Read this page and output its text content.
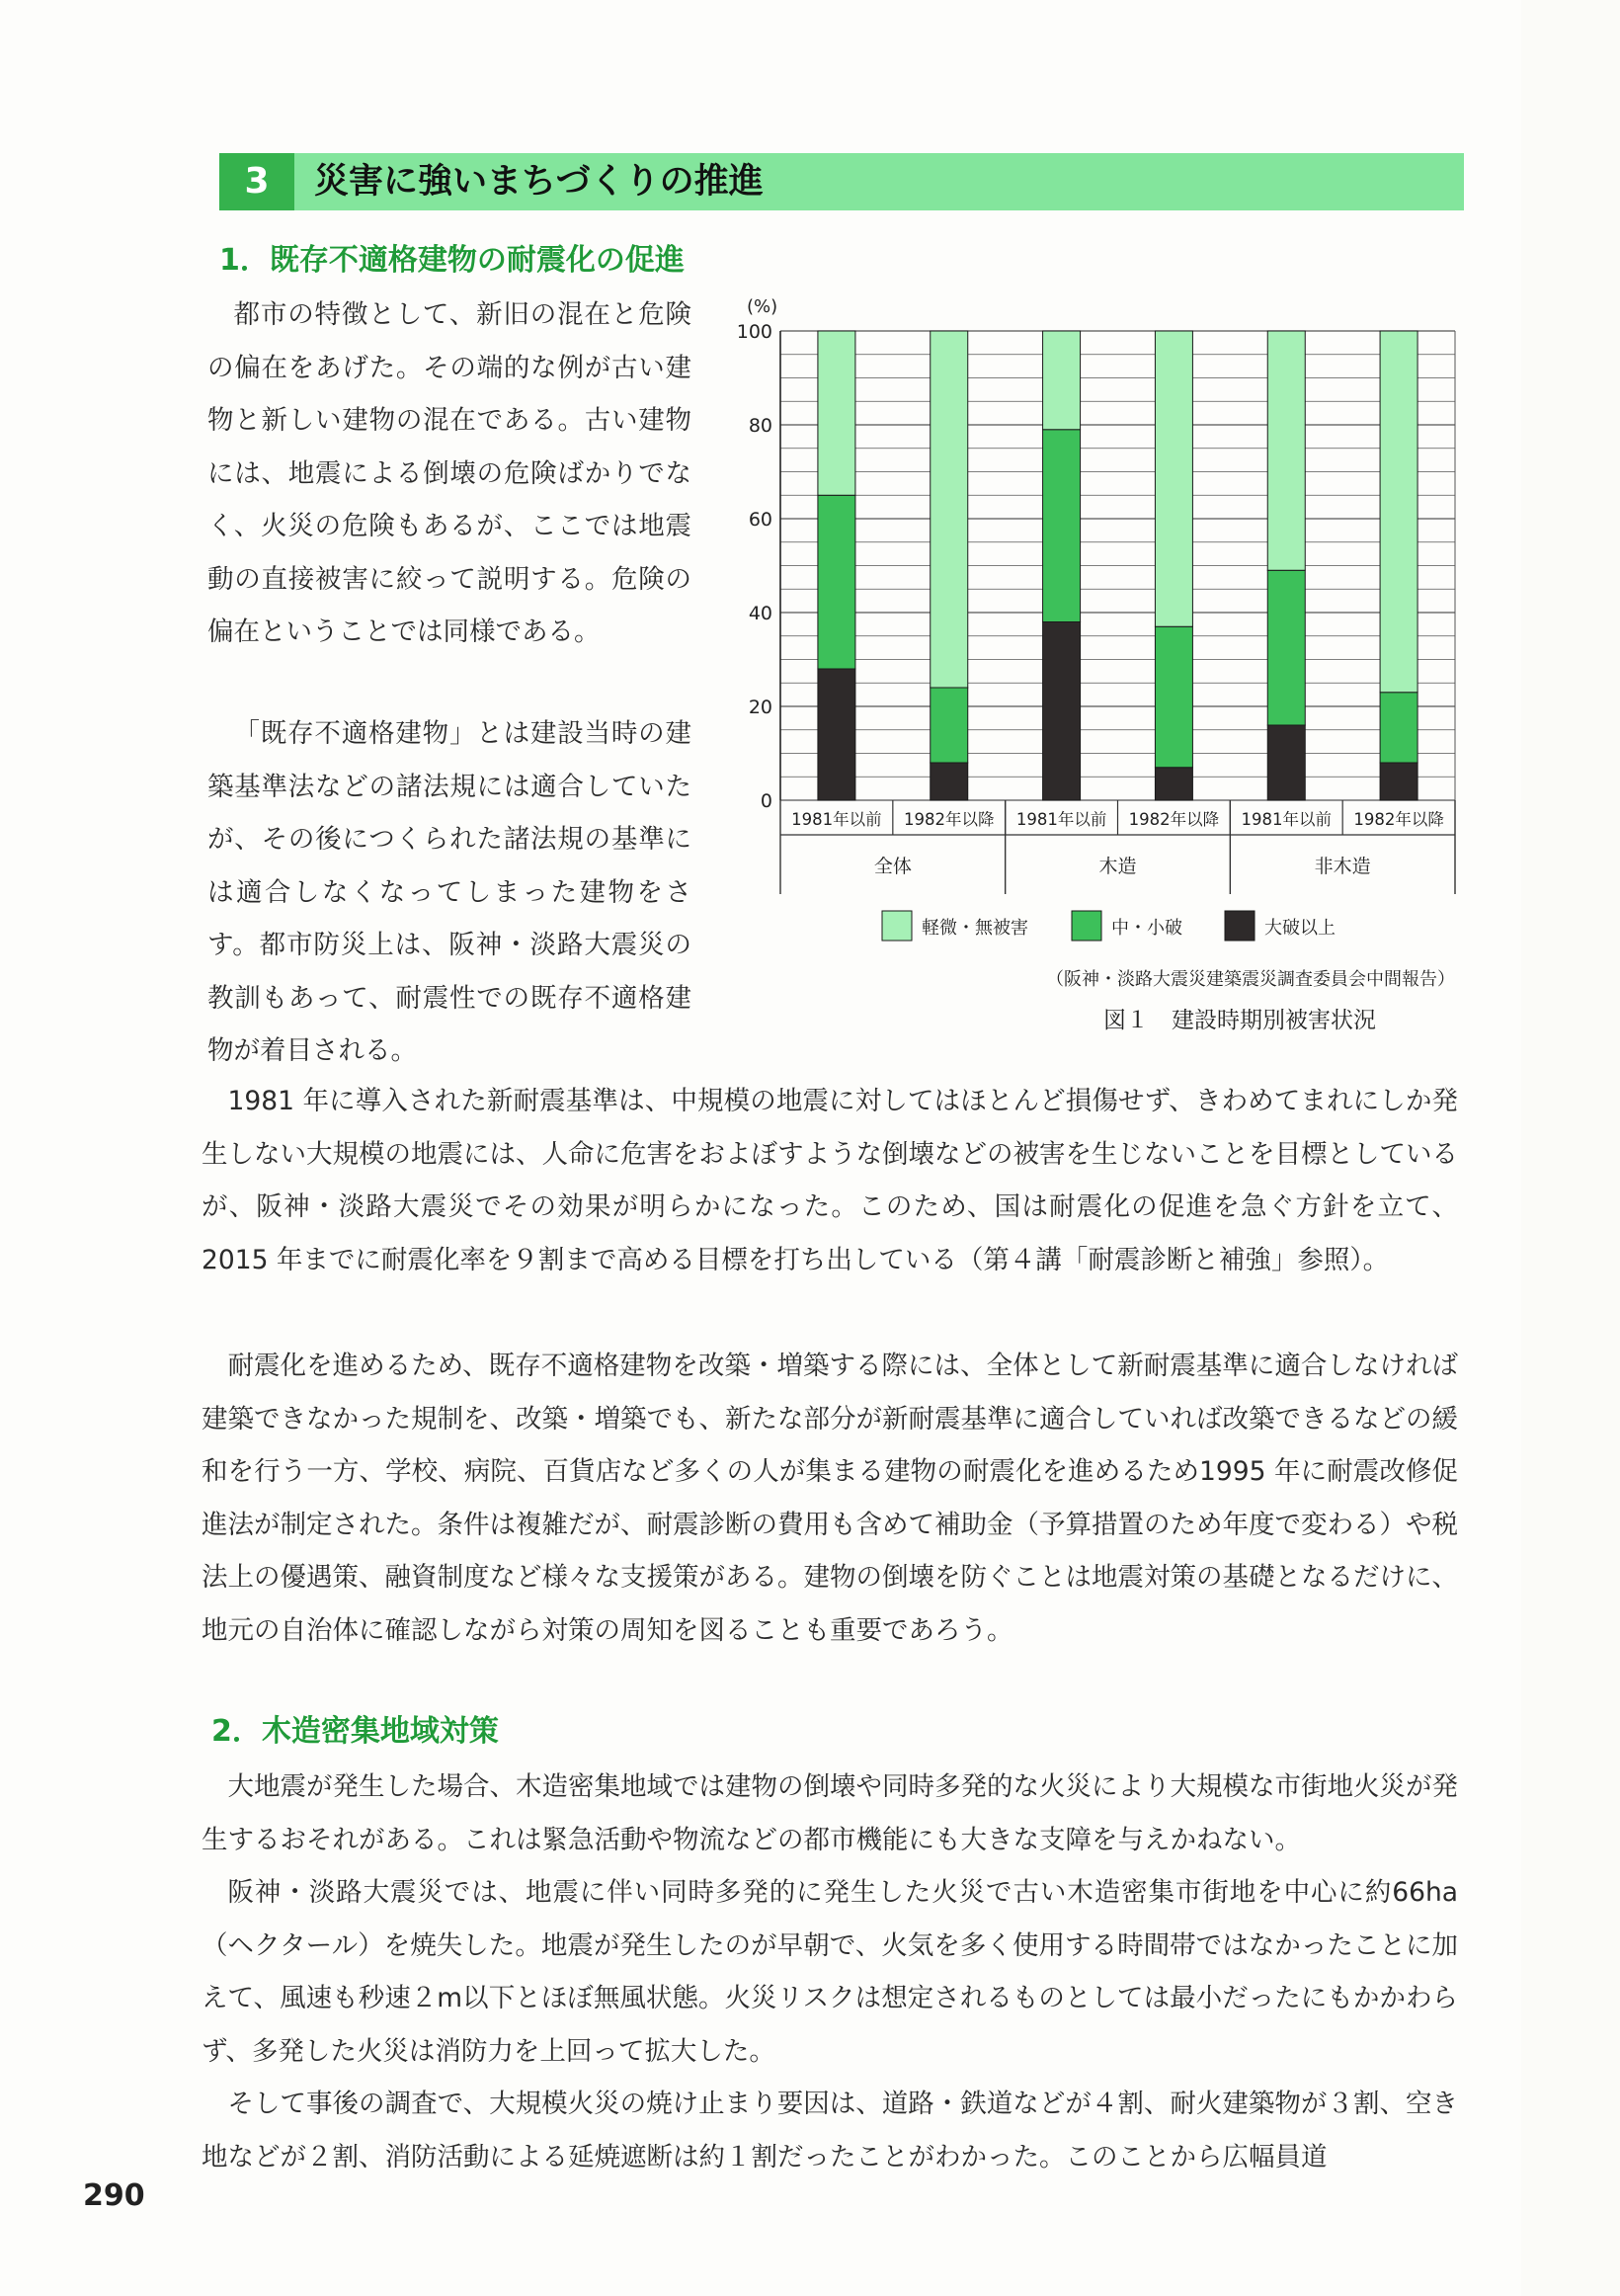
3	災害に強いまちづくりの推進
1．既存不適格建物の耐震化の促進
都市の特徴として、新旧の混在と危険の偏在をあげた。その端的な例が古い建物と新しい建物の混在である。古い建物には、地震による倒壊の危険ばかりでなく、火災の危険もあるが、ここでは地震動の直接被害に絞って説明する。危険の偏在ということでは同様である。
「既存不適格建物」とは建設当時の建築基準法などの諸法規には適合していたが、その後につくられた諸法規の基準には適合しなくなってしまった建物をさす。都市防災上は、阪神・淡路大震災の教訓もあって、耐震性での既存不適格建物が着目される。
(%)
0
20
40
60
80
100
1981年以前 1982年以降 1981年以前 1982年以降 1981年以前 1982年以降
全体	木造	非木造
軽微・無被害	中・小破	大破以上
（阪神・淡路大震災建築震災調査委員会中間報告）
図１　建設時期別被害状況
1981 年に導入された新耐震基準は、中規模の地震に対してはほとんど損傷せず、きわめてまれにしか発生しない大規模の地震には、人命に危害をおよぼすような倒壊などの被害を生じないことを目標としているが、阪神・淡路大震災でその効果が明らかになった。このため、国は耐震化の促進を急ぐ方針を立て、2015 年までに耐震化率を９割まで高める目標を打ち出している（第４講「耐震診断と補強」参照）。
耐震化を進めるため、既存不適格建物を改築・増築する際には、全体として新耐震基準に適合しなければ建築できなかった規制を、改築・増築でも、新たな部分が新耐震基準に適合していれば改築できるなどの緩和を行う一方、学校、病院、百貨店など多くの人が集まる建物の耐震化を進めるため1995 年に耐震改修促進法が制定された。条件は複雑だが、耐震診断の費用も含めて補助金（予算措置のため年度で変わる）や税法上の優遇策、融資制度など様々な支援策がある。建物の倒壊を防ぐことは地震対策の基礎となるだけに、地元の自治体に確認しながら対策の周知を図ることも重要であろう。
2．木造密集地域対策
大地震が発生した場合、木造密集地域では建物の倒壊や同時多発的な火災により大規模な市街地火災が発生するおそれがある。これは緊急活動や物流などの都市機能にも大きな支障を与えかねない。
阪神・淡路大震災では、地震に伴い同時多発的に発生した火災で古い木造密集市街地を中心に約66ha（ヘクタール）を焼失した。地震が発生したのが早朝で、火気を多く使用する時間帯ではなかったことに加えて、風速も秒速２m以下とほぼ無風状態。火災リスクは想定されるものとしては最小だったにもかかわらず、多発した火災は消防力を上回って拡大した。
そして事後の調査で、大規模火災の焼け止まり要因は、道路・鉄道などが４割、耐火建築物が３割、空き地などが２割、消防活動による延焼遮断は約１割だったことがわかった。このことから広幅員道
290
